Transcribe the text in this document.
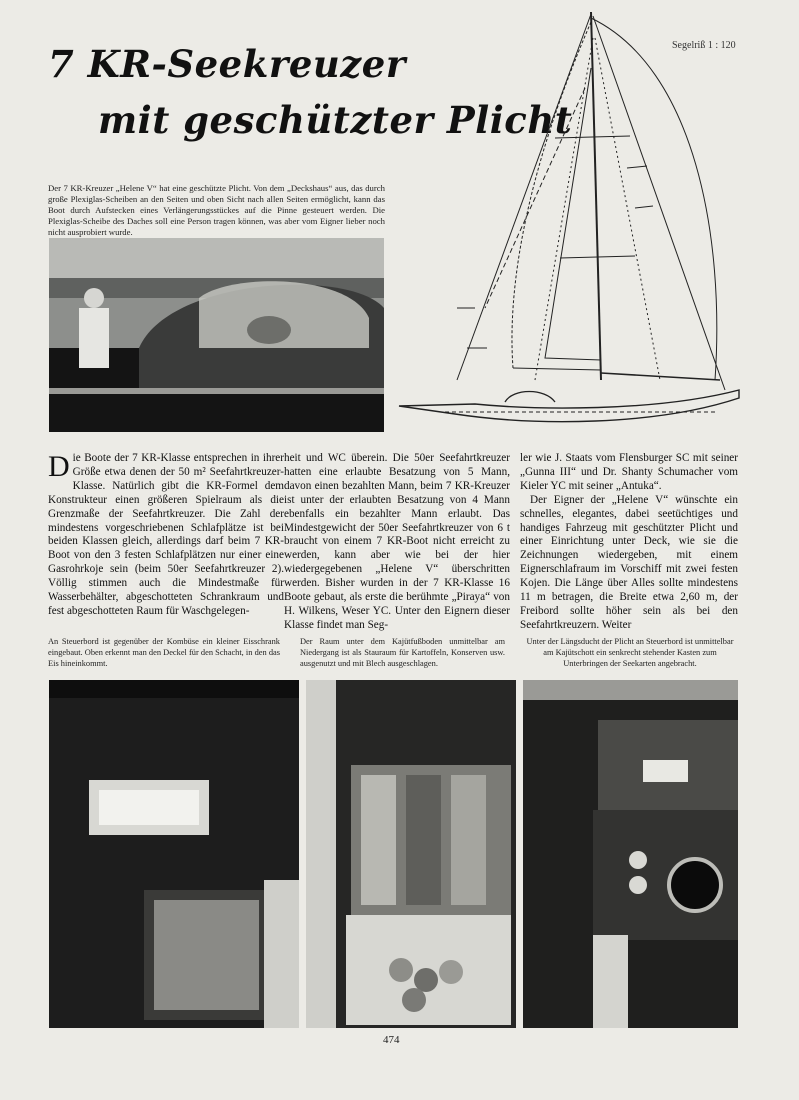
7 KR-Seekreuzer
mit geschützter Plicht
Segelriß 1 : 120
Der 7 KR-Kreuzer „Helene V“ hat eine geschützte Plicht. Von dem „Deckshaus“ aus, das durch große Plexiglas-Scheiben an den Seiten und oben Sicht nach allen Seiten ermöglicht, kann das Boot durch Aufstecken eines Verlängerungsstückes auf die Pinne gesteuert werden. Die Plexiglas-Scheibe des Daches soll eine Person tragen können, was aber vom Eigner lieber noch nicht ausprobiert wurde.

Die Boote der 7 KR-Klasse entsprechen in ihrer Größe etwa denen der 50 m² Seefahrtkreuzer-Klasse. Natürlich gibt die KR-Formel dem Konstrukteur einen größeren Spielraum als die Grenzmaße der Seefahrtkreuzer. Die Zahl der mindestens vorgeschriebenen Schlafplätze ist bei beiden Klassen gleich, allerdings darf beim 7 KR-Boot von den 3 festen Schlafplätzen nur einer eine Gasrohrkoje sein (beim 50er Seefahrtkreuzer 2). Völlig stimmen auch die Mindestmaße für Wasserbehälter, abgeschotteten Schrankraum und fest abgeschotteten Raum für Waschgelegen-

heit und WC überein. Die 50er Seefahrtkreuzer hatten eine erlaubte Besatzung von 5 Mann, davon einen bezahlten Mann, beim 7 KR-Kreuzer ist unter der erlaubten Besatzung von 4 Mann ebenfalls ein bezahlter Mann erlaubt. Das Mindestgewicht der 50er Seefahrtkreuzer von 6 t braucht von einem 7 KR-Boot nicht erreicht zu werden, kann aber wie bei der hier wiedergegebenen „Helene V“ überschritten werden. Bisher wurden in der 7 KR-Klasse 16 Boote gebaut, als erste die berühmte „Piraya“ von H. Wilkens, Weser YC. Unter den Eignern dieser Klasse findet man Seg-

ler wie J. Staats vom Flensburger SC mit seiner „Gunna III“ und Dr. Shanty Schumacher vom Kieler YC mit seiner „Antuka“.

Der Eigner der „Helene V“ wünschte ein schnelles, elegantes, dabei seetüchtiges und handiges Fahrzeug mit geschützter Plicht und einer Einrichtung unter Deck, wie sie die Zeichnungen wiedergeben, mit einem Eignerschlafraum im Vorschiff mit zwei festen Kojen. Die Länge über Alles sollte mindestens 11 m betragen, die Breite etwa 2,60 m, der Freibord sollte höher sein als bei den Seefahrtkreuzern. Weiter

An Steuerbord ist gegenüber der Kombüse ein kleiner Eisschrank eingebaut. Oben erkennt man den Deckel für den Schacht, in den das Eis hineinkommt.
Der Raum unter dem Kajütfußboden unmittelbar am Niedergang ist als Stauraum für Kartoffeln, Konserven usw. ausgenutzt und mit Blech ausgeschlagen.
Unter der Längsducht der Plicht an Steuerbord ist unmittelbar am Kajütschott ein senkrecht stehender Kasten zum Unterbringen der Seekarten angebracht.
474
